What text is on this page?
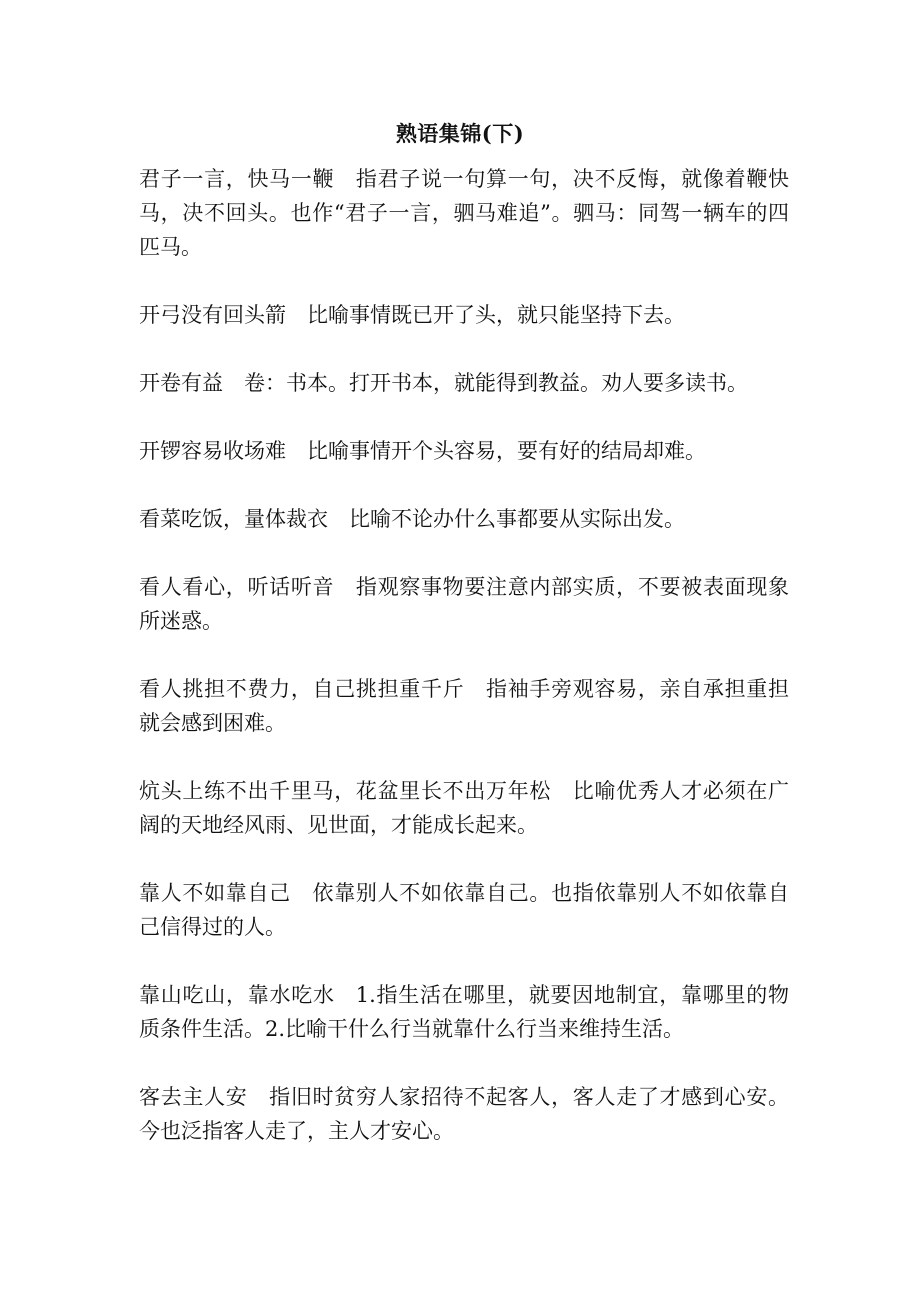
熟语集锦(下)

君子一言，快马一鞭 指君子说一句算一句，决不反悔，就像着鞭快马，决不回头。也作“君子一言，驷马难追”。驷马：同驾一辆车的四匹马。

开弓没有回头箭 比喻事情既已开了头，就只能坚持下去。

开卷有益 卷：书本。打开书本，就能得到教益。劝人要多读书。

开锣容易收场难 比喻事情开个头容易，要有好的结局却难。

看菜吃饭，量体裁衣 比喻不论办什么事都要从实际出发。

看人看心，听话听音 指观察事物要注意内部实质，不要被表面现象所迷惑。

看人挑担不费力，自己挑担重千斤 指袖手旁观容易，亲自承担重担就会感到困难。

炕头上练不出千里马，花盆里长不出万年松 比喻优秀人才必须在广阔的天地经风雨、见世面，才能成长起来。

靠人不如靠自己 依靠别人不如依靠自己。也指依靠别人不如依靠自己信得过的人。

靠山吃山，靠水吃水 1.指生活在哪里，就要因地制宜，靠哪里的物质条件生活。2.比喻干什么行当就靠什么行当来维持生活。

客去主人安 指旧时贫穷人家招待不起客人，客人走了才感到心安。今也泛指客人走了，主人才安心。
